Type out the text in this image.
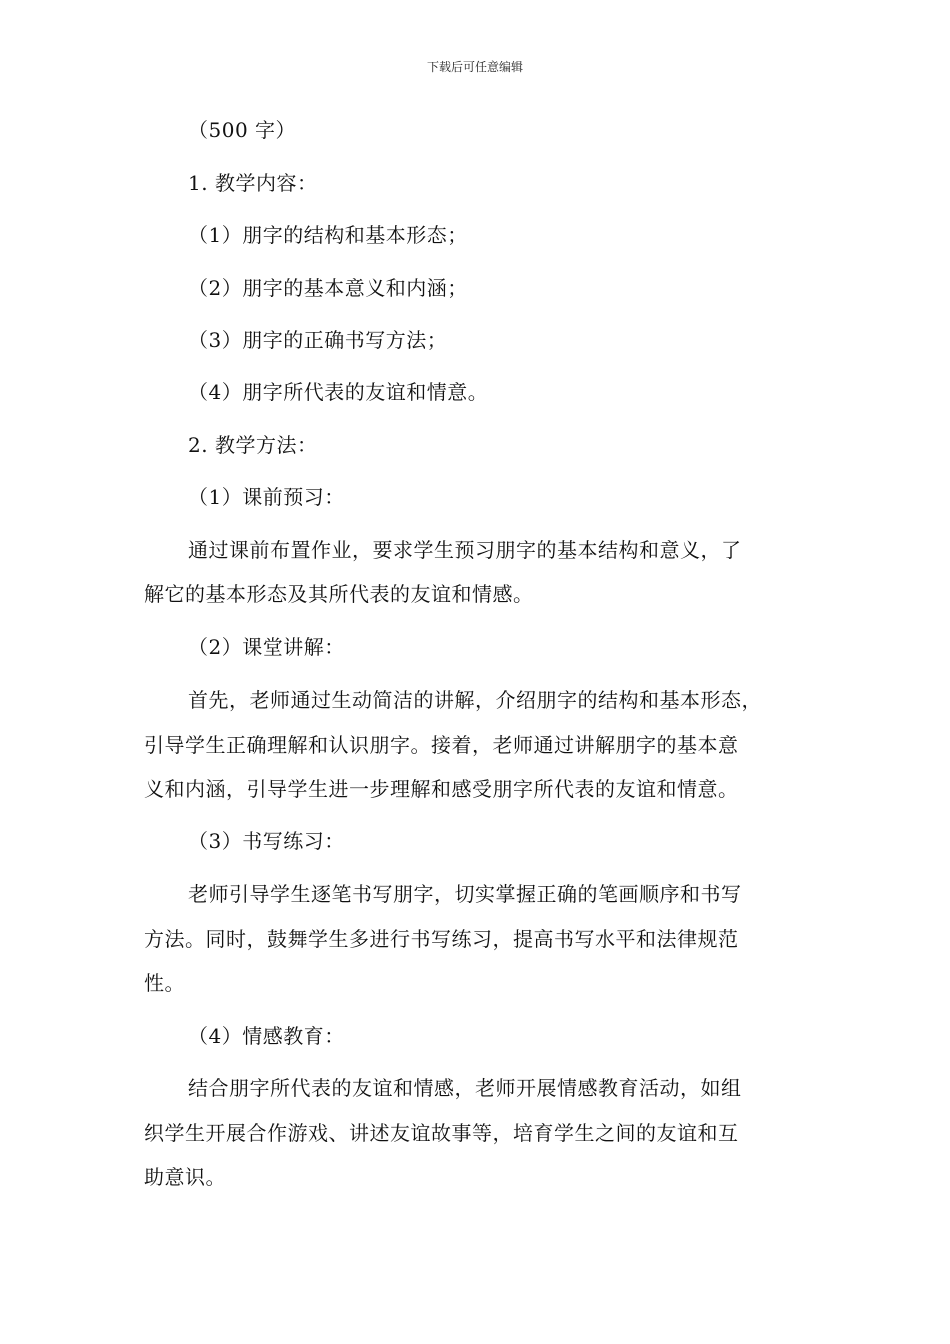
下载后可任意编辑
（500 字）
1. 教学内容：
（1）朋字的结构和基本形态；
（2）朋字的基本意义和内涵；
（3）朋字的正确书写方法；
（4）朋字所代表的友谊和情意。
2. 教学方法：
（1）课前预习：
通过课前布置作业，要求学生预习朋字的基本结构和意义，了
解它的基本形态及其所代表的友谊和情感。
（2）课堂讲解：
首先，老师通过生动简洁的讲解，介绍朋字的结构和基本形态，
引导学生正确理解和认识朋字。接着，老师通过讲解朋字的基本意
义和内涵，引导学生进一步理解和感受朋字所代表的友谊和情意。
（3）书写练习：
老师引导学生逐笔书写朋字，切实掌握正确的笔画顺序和书写
方法。同时，鼓舞学生多进行书写练习，提高书写水平和法律规范
性。
（4）情感教育：
结合朋字所代表的友谊和情感，老师开展情感教育活动，如组
织学生开展合作游戏、讲述友谊故事等，培育学生之间的友谊和互
助意识。
